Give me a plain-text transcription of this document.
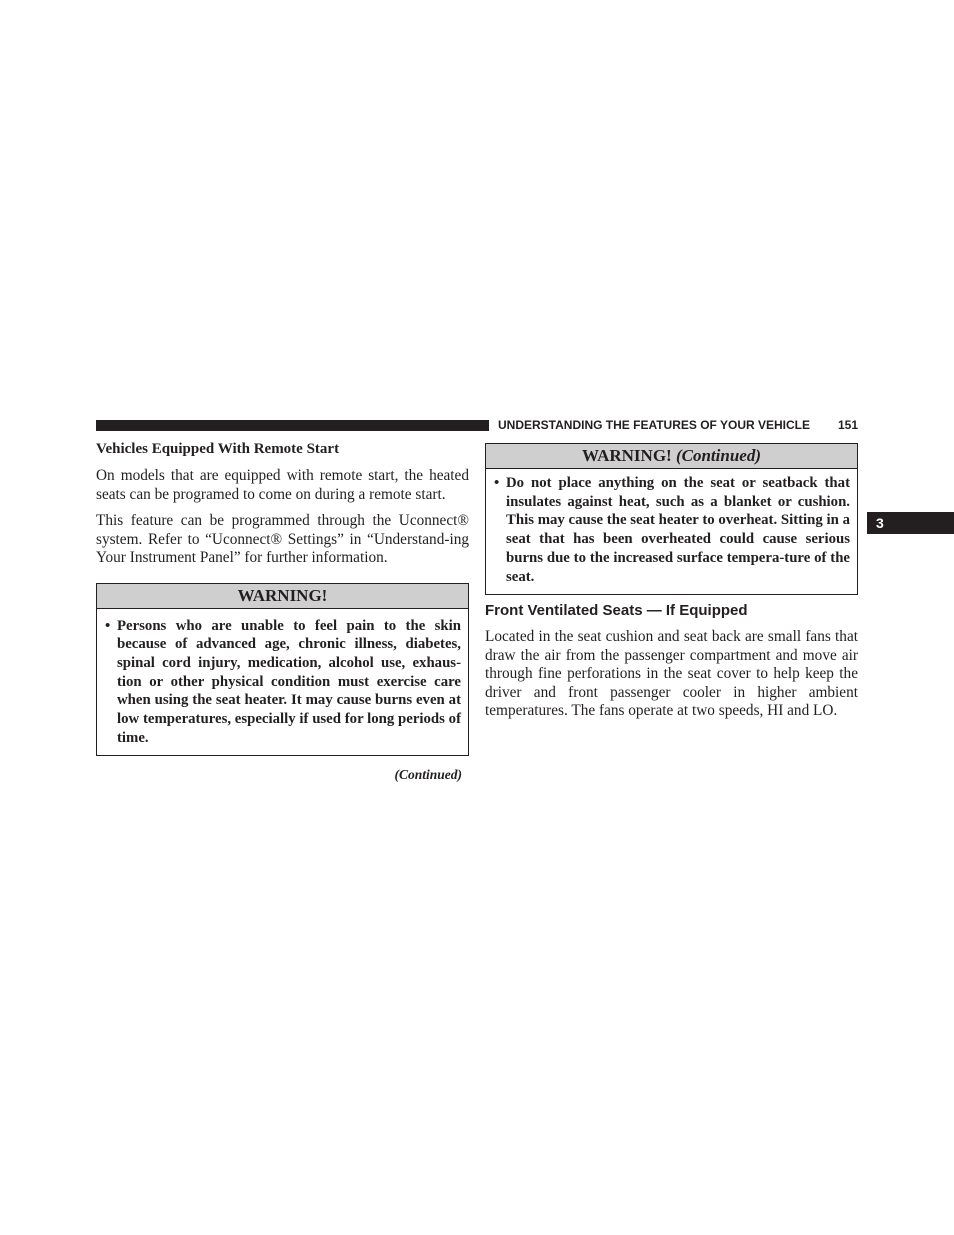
UNDERSTANDING THE FEATURES OF YOUR VEHICLE 151
3
Vehicles Equipped With Remote Start

On models that are equipped with remote start, the heated seats can be programed to come on during a remote start.

This feature can be programmed through the Uconnect® system. Refer to “Uconnect® Settings” in “Understand-ing Your Instrument Panel” for further information.

WARNING!
• Persons who are unable to feel pain to the skin because of advanced age, chronic illness, diabetes, spinal cord injury, medication, alcohol use, exhaus-tion or other physical condition must exercise care when using the seat heater. It may cause burns even at low temperatures, especially if used for long periods of time.
(Continued)
WARNING! (Continued)
• Do not place anything on the seat or seatback that insulates against heat, such as a blanket or cushion. This may cause the seat heater to overheat. Sitting in a seat that has been overheated could cause serious burns due to the increased surface tempera-ture of the seat.
Front Ventilated Seats — If Equipped

Located in the seat cushion and seat back are small fans that draw the air from the passenger compartment and move air through fine perforations in the seat cover to help keep the driver and front passenger cooler in higher ambient temperatures. The fans operate at two speeds, HI and LO.
